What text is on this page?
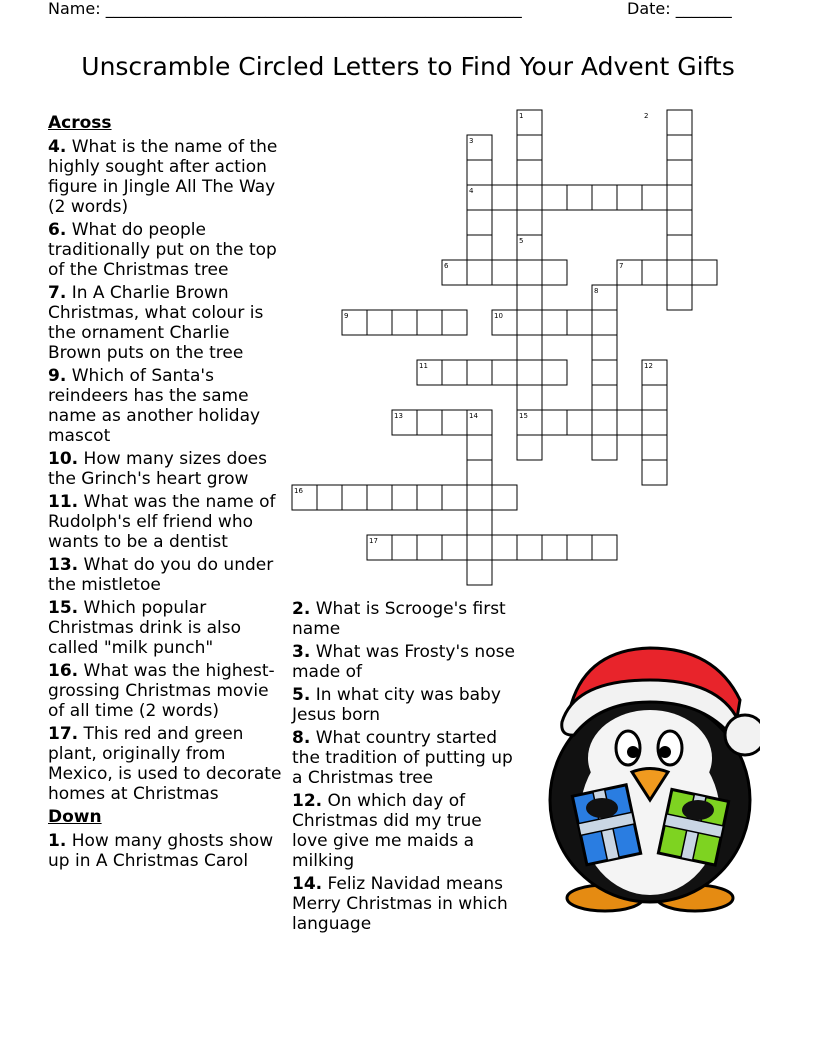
Name: ____________________________________________________	Date: _______
Unscramble Circled Letters to Find Your Advent Gifts
1	2
3
4
5
6	7
8
9	10
11	12
13	14	15
16
17
Across
4. What is the name of the highly sought after action figure in Jingle All The Way (2 words)
6. What do people traditionally put on the top of the Christmas tree
7. In A Charlie Brown Christmas, what colour is the ornament Charlie Brown puts on the tree
9. Which of Santa's reindeers has the same name as another holiday mascot
10. How many sizes does the Grinch's heart grow
11. What was the name of Rudolph's elf friend who wants to be a dentist
13. What do you do under the mistletoe
15. Which popular Christmas drink is also called "milk punch"
16. What was the highest-grossing Christmas movie of all time (2 words)
17. This red and green plant, originally from Mexico, is used to decorate homes at Christmas
Down
1. How many ghosts show up in A Christmas Carol
2. What is Scrooge's first name
3. What was Frosty's nose made of
5. In what city was baby Jesus born
8. What country started the tradition of putting up a Christmas tree
12. On which day of Christmas did my true love give me maids a milking
14. Feliz Navidad means Merry Christmas in which language
